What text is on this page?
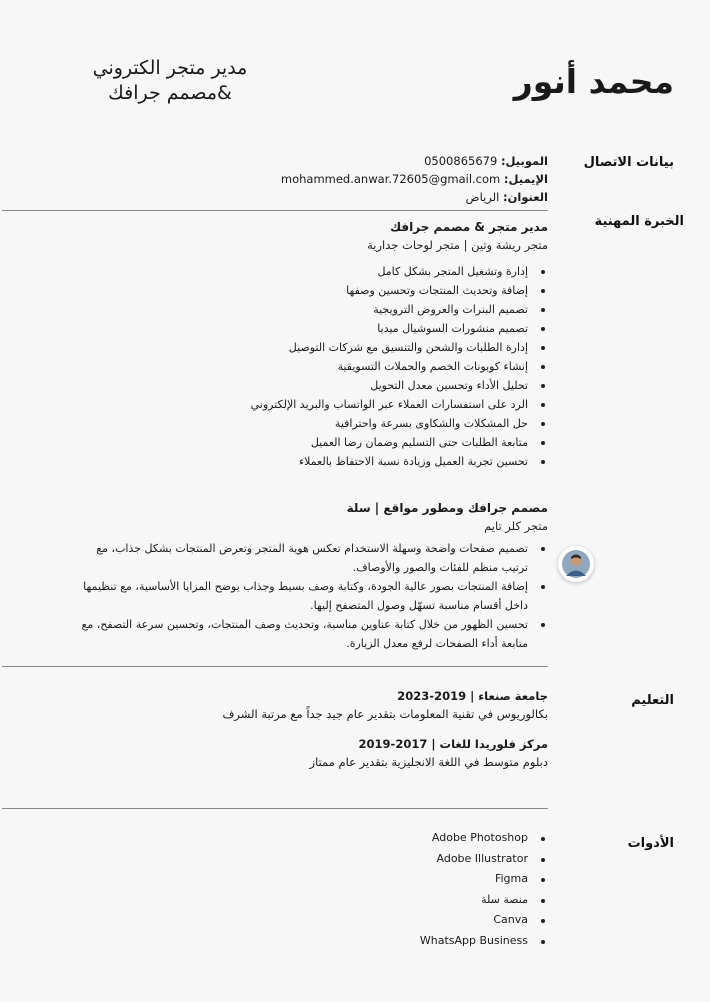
محمد أنور
مدير متجر الكتروني
مصمم جرافك&
بيانات الاتصال
الموبيل: 0500865679
الإيميل: mohammed.anwar.72605@gmail.com
العنوان: الرياض
الخبرة المهنية
مدير متجر & مصمم جرافك
متجر ريشة وتين | متجر لوحات جدارية
إدارة وتشغيل المتجر بشكل كامل
إضافة وتحديث المنتجات وتحسين وصفها
تصميم البنرات والعروض الترويجية
تصميم منشورات السوشيال ميديا
إدارة الطلبات والشحن والتنسيق مع شركات التوصيل
إنشاء كوبونات الخصم والحملات التسويقية
تحليل الأداء وتحسين معدل التحويل
الرد على استفسارات العملاء عبر الواتساب والبريد الإلكتروني
حل المشكلات والشكاوى بسرعة واحترافية
متابعة الطلبات حتى التسليم وضمان رضا العميل
تحسين تجربة العميل وزيادة نسبة الاحتفاظ بالعملاء
مصمم جرافك ومطور مواقع | سلة
متجر كلر تايم
تصميم صفحات واضحة وسهلة الاستخدام تعكس هوية المتجر وتعرض المنتجات بشكل جذاب، مع ترتيب منظم للفئات والصور والأوصاف.
إضافة المنتجات بصور عالية الجودة، وكتابة وصف بسيط وجذاب يوضح المزايا الأساسية، مع تنظيمها داخل أقسام مناسبة تسهّل وصول المتصفح إليها.
تحسين الظهور من خلال كتابة عناوين مناسبة، وتحديث وصف المنتجات، وتحسين سرعة التصفح، مع متابعة أداء الصفحات لرفع معدل الزيارة.
التعليم
جامعة صنعاء | 2019-2023
بكالوريوس في تقنية المعلومات بتقدير عام جيد جداً مع مرتبة الشرف
مركز فلوريدا للغات | 2017-2019
دبلوم متوسط في اللغة الانجليزية بتقدير عام ممتاز
الأدوات
Adobe Photoshop
Adobe Illustrator
Figma
منصة سلة
Canva
WhatsApp Business
